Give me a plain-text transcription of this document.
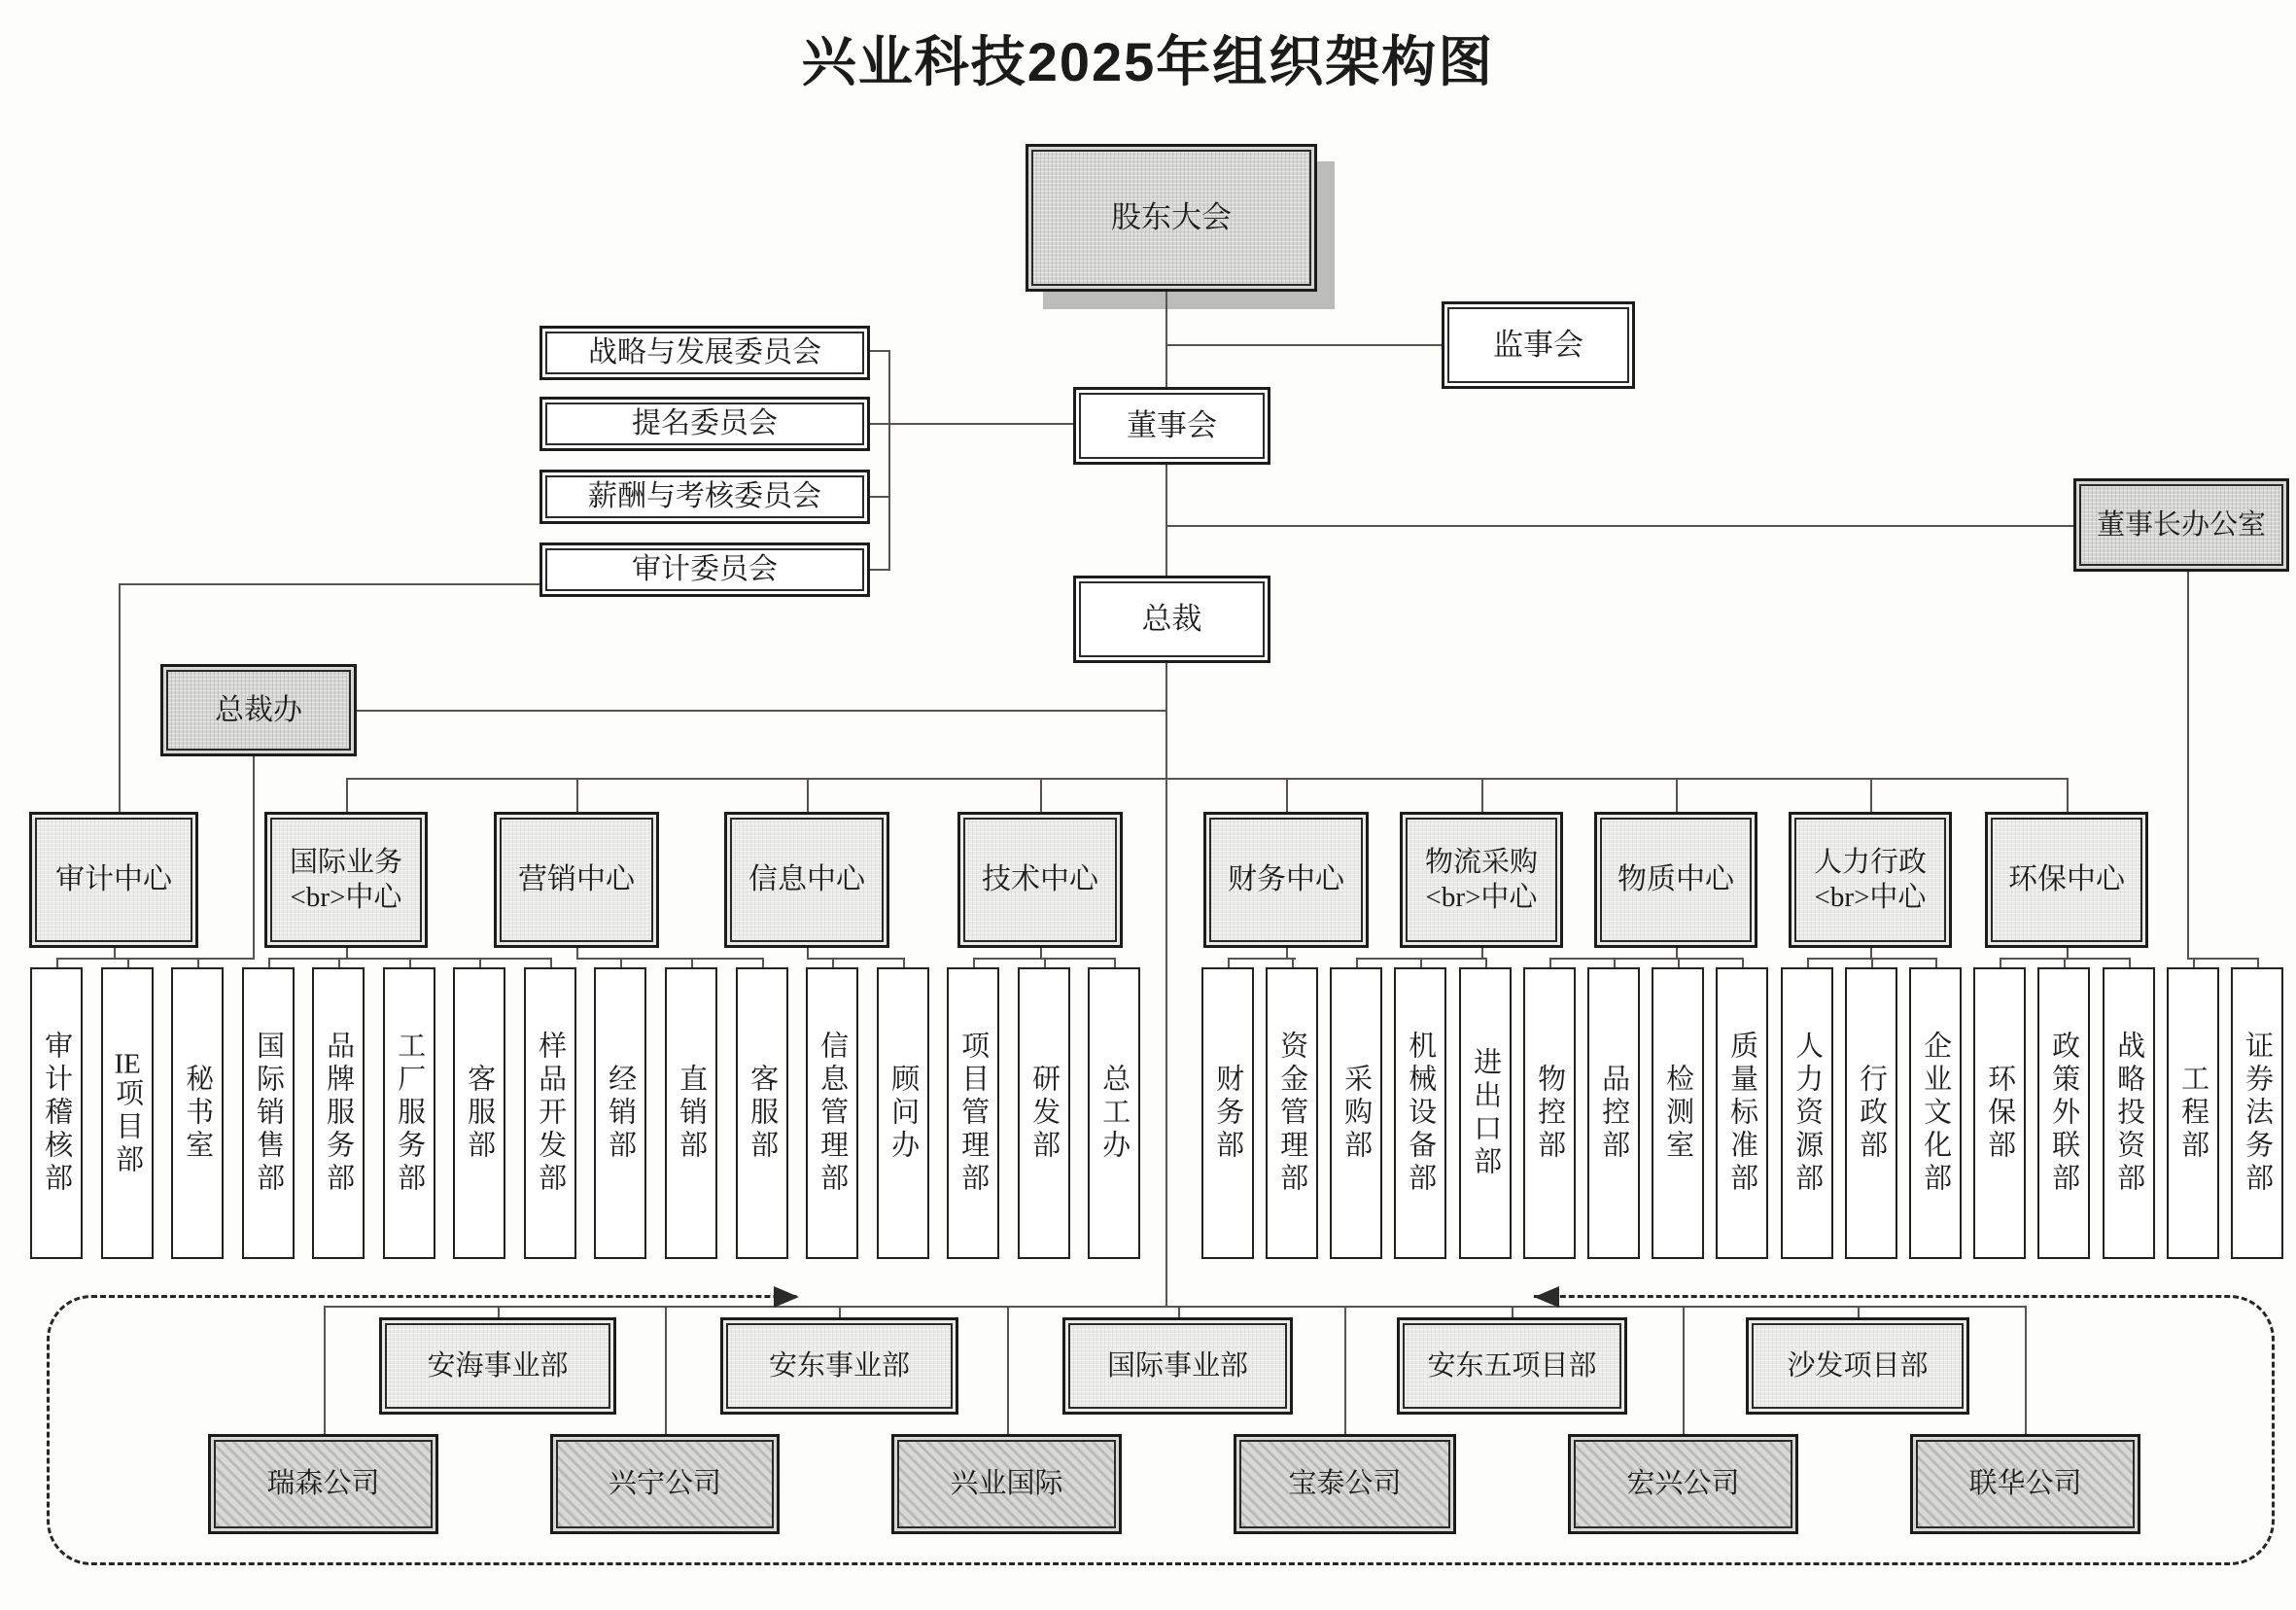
兴业科技2025年组织架构图
股东大会
监事会
战略与发展委员会
提名委员会	董事会
薪酬与考核委员会
董事长办公室
审计委员会
总裁
总裁办
审计中心
国际业务<br>中心
营销中心	信息中心	技术中心	财务中心
物流采购<br>中心
物质中心
人力行政<br>中心
环保中心
审计稽核部 IE项目部 秘书室 国际销售部 品牌服务部 工厂服务部 客服部 样品开发部 经销部 直销部 客服部 信息管理部 顾问办 项目管理部 研发部 总工办	财务部 资金管理部 采购部 机械设备部 进出口部 物控部 品控部 检测室 质量标准部 人力资源部 行政部 企业文化部 环保部 政策外联部 战略投资部 工程部 证券法务部
安海事业部	安东事业部	国际事业部	安东五项目部	沙发项目部
瑞森公司	兴宁公司	兴业国际	宝泰公司	宏兴公司	联华公司
